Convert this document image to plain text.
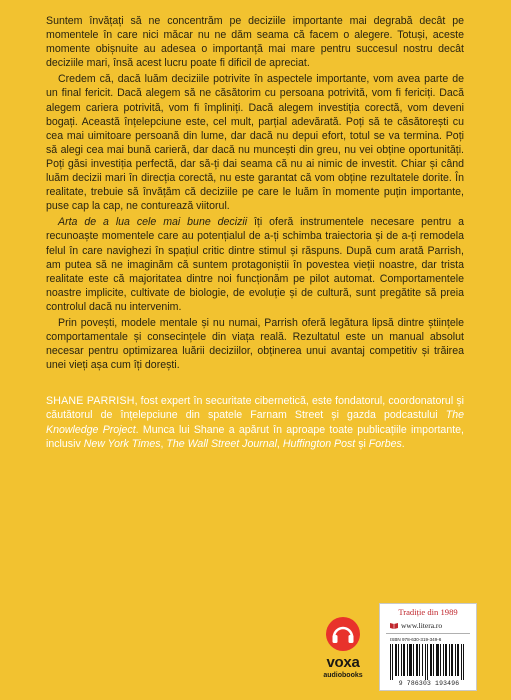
Suntem învățați să ne concentrăm pe deciziile importante mai degrabă decât pe momentele în care nici măcar nu ne dăm seama că facem o alegere. Totuși, aceste momente obișnuite au adesea o importanță mai mare pentru succesul nostru decât deciziile mari, însă acest lucru poate fi dificil de apreciat.

Credem că, dacă luăm deciziile potrivite în aspectele importante, vom avea parte de un final fericit. Dacă alegem să ne căsătorim cu persoana potrivită, vom fi fericiți. Dacă alegem cariera potrivită, vom fi împliniți. Dacă alegem investiția corectă, vom deveni bogați. Această înțelepciune este, cel mult, parțial adevărată. Poți să te căsătorești cu cea mai uimitoare persoană din lume, dar dacă nu depui efort, totul se va termina. Poți să alegi cea mai bună carieră, dar dacă nu muncești din greu, nu vei obține oportunități. Poți găsi investiția perfectă, dar să-ți dai seama că nu ai nimic de investit. Chiar și când luăm decizii mari în direcția corectă, nu este garantat că vom obține rezultatele dorite. În realitate, trebuie să învățăm că deciziile pe care le luăm în momente puțin importante, puse cap la cap, ne conturează viitorul.

Arta de a lua cele mai bune decizii îți oferă instrumentele necesare pentru a recunoaște momentele care au potențialul de a-ți schimba traiectoria și de a-ți remodela felul în care navighezi în spațiul critic dintre stimul și răspuns. După cum arată Parrish, am putea să ne imaginăm că suntem protagoniștii în povestea vieții noastre, dar trista realitate este că majoritatea dintre noi funcționăm pe pilot automat. Comportamentele noastre implicite, cultivate de biologie, de evoluție și de cultură, sunt pregătite să preia controlul dacă nu intervenim.

Prin povești, modele mentale și nu numai, Parrish oferă legătura lipsă dintre științele comportamentale și consecințele din viața reală. Rezultatul este un manual absolut necesar pentru optimizarea luării deciziilor, obținerea unui avantaj competitiv și trăirea unei vieți așa cum îți dorești.

SHANE PARRISH, fost expert în securitate cibernetică, este fondatorul, coordonatorul și căutătorul de înțelepciune din spatele Farnam Street și gazda podcastului The Knowledge Project. Munca lui Shane a apărut în aproape toate publicațiile importante, inclusiv New York Times, The Wall Street Journal, Huffington Post și Forbes.

voxa
audiobooks
Tradiție din 1989
www.litera.ro
ISBN 978-630-319-349-6
9 786303 193496
